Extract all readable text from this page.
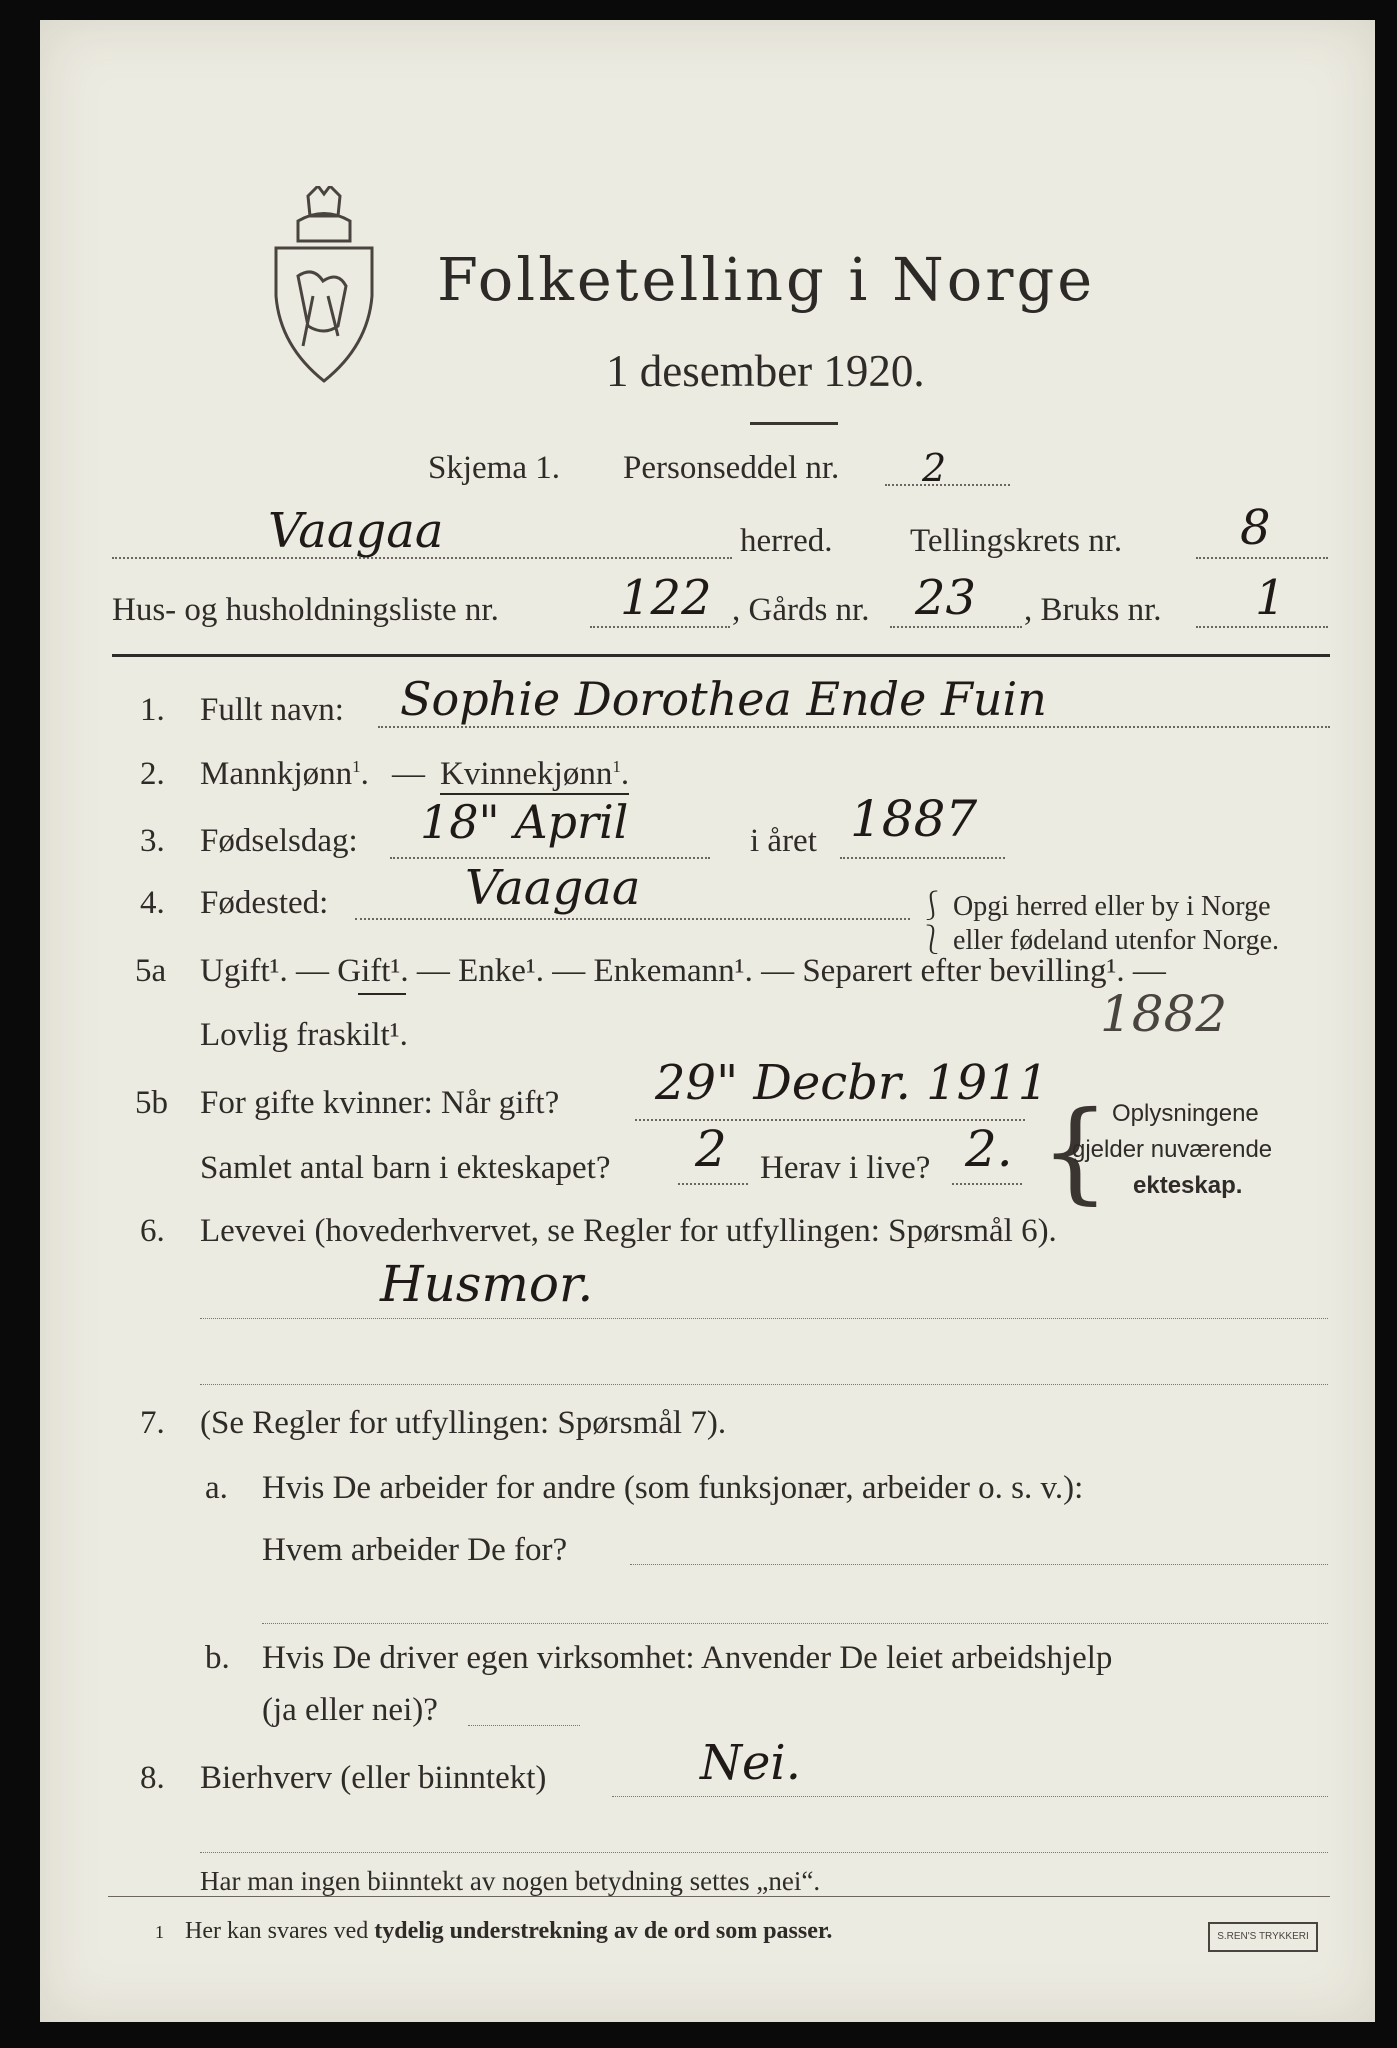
Folketelling i Norge
1 desember 1920.
Skjema 1. Personseddel nr. 2
Vaagaa	herred. Tellingskrets nr. 8
Hus- og husholdningsliste nr.	122 , Gårds nr. 23 , Bruks nr. 1
1. Fullt navn: Sophie Dorothea Ende Fuin
2. Mannkjønn$^1$. — Kvinnekjønn$^1$.
3. Fødselsdag: 18" April	i året 1887
4. Fødested:	Vaagaa	⎰ Opgi herred eller by i Norge
⎱ eller fødeland utenfor Norge.
5a Ugift¹. — Gift¹. — Enke¹. — Enkemann¹. — Separert efter bevilling¹. —
Lovlig fraskilt¹.	1882
5b For gifte kvinner: Når gift? 29" Decbr. 1911
Samlet antal barn i ekteskapet? 2 Herav i live? 2. { Oplysningene
gjelder nuværende
ekteskap.
6. Levevei (hovederhvervet, se Regler for utfyllingen: Spørsmål 6).
Husmor.
7. (Se Regler for utfyllingen: Spørsmål 7).
a. Hvis De arbeider for andre (som funksjonær, arbeider o. s. v.):
Hvem arbeider De for?
b. Hvis De driver egen virksomhet: Anvender De leiet arbeidshjelp
(ja eller nei)?
8. Bierhverv (eller biinntekt)	Nei.
Har man ingen biinntekt av nogen betydning settes „nei“.
1 Her kan svares ved tydelig understrekning av de ord som passer.	S.REN'S TRYKKERI
